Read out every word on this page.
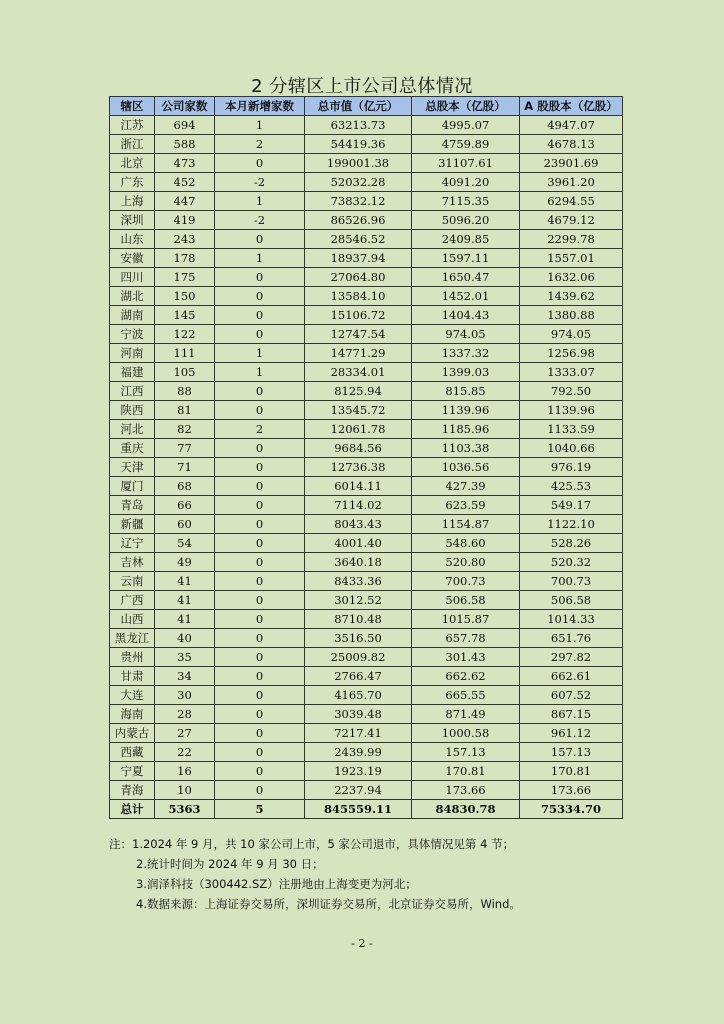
2 分辖区上市公司总体情况
辖区	公司家数	本月新增家数	总市值（亿元）	总股本（亿股）	A 股股本（亿股）
江苏	694	1	63213.73	4995.07	4947.07
浙江	588	2	54419.36	4759.89	4678.13
北京	473	0	199001.38	31107.61	23901.69
广东	452	-2	52032.28	4091.20	3961.20
上海	447	1	73832.12	7115.35	6294.55
深圳	419	-2	86526.96	5096.20	4679.12
山东	243	0	28546.52	2409.85	2299.78
安徽	178	1	18937.94	1597.11	1557.01
四川	175	0	27064.80	1650.47	1632.06
湖北	150	0	13584.10	1452.01	1439.62
湖南	145	0	15106.72	1404.43	1380.88
宁波	122	0	12747.54	974.05	974.05
河南	111	1	14771.29	1337.32	1256.98
福建	105	1	28334.01	1399.03	1333.07
江西	88	0	8125.94	815.85	792.50
陕西	81	0	13545.72	1139.96	1139.96
河北	82	2	12061.78	1185.96	1133.59
重庆	77	0	9684.56	1103.38	1040.66
天津	71	0	12736.38	1036.56	976.19
厦门	68	0	6014.11	427.39	425.53
青岛	66	0	7114.02	623.59	549.17
新疆	60	0	8043.43	1154.87	1122.10
辽宁	54	0	4001.40	548.60	528.26
吉林	49	0	3640.18	520.80	520.32
云南	41	0	8433.36	700.73	700.73
广西	41	0	3012.52	506.58	506.58
山西	41	0	8710.48	1015.87	1014.33
黑龙江	40	0	3516.50	657.78	651.76
贵州	35	0	25009.82	301.43	297.82
甘肃	34	0	2766.47	662.62	662.61
大连	30	0	4165.70	665.55	607.52
海南	28	0	3039.48	871.49	867.15
内蒙古	27	0	7217.41	1000.58	961.12
西藏	22	0	2439.99	157.13	157.13
宁夏	16	0	1923.19	170.81	170.81
青海	10	0	2237.94	173.66	173.66
总计	5363	5	845559.11	84830.78	75334.70
注：1.2024 年 9 月，共 10 家公司上市，5 家公司退市，具体情况见第 4 节；
2.统计时间为 2024 年 9 月 30 日；
3.润泽科技（300442.SZ）注册地由上海变更为河北；
4.数据来源：上海证券交易所，深圳证券交易所，北京证券交易所，Wind。
- 2 -
